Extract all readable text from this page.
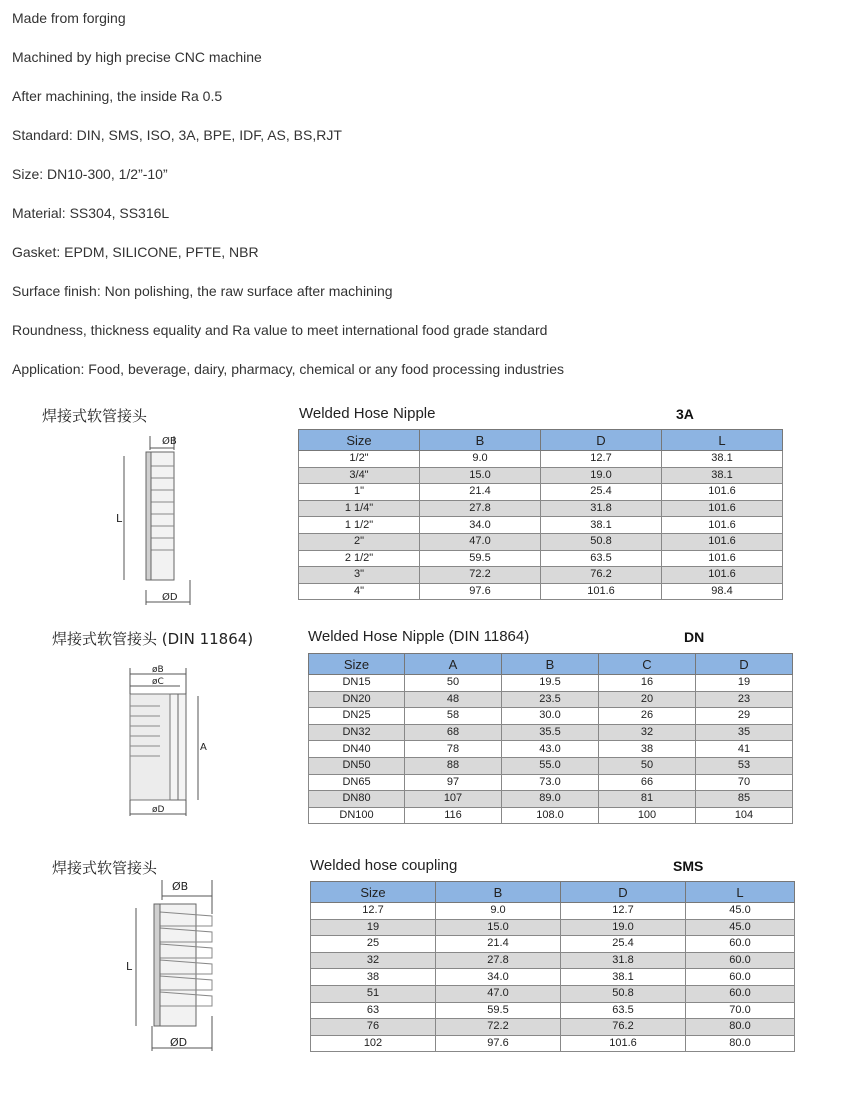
Made from forging
Machined by high precise CNC machine
After machining, the inside Ra 0.5
Standard: DIN, SMS, ISO, 3A, BPE, IDF, AS, BS,RJT
Size: DN10-300, 1/2”-10”
Material: SS304, SS316L
Gasket: EPDM, SILICONE, PFTE, NBR
Surface finish: Non polishing, the raw surface after machining
Roundness, thickness equality and Ra value to meet international food grade standard
Application: Food, beverage, dairy, pharmacy, chemical or any food processing industries
焊接式软管接头	Welded Hose Nipple	3A
ØB
L
ØD
Size	B	D	L
1/2"	9.0	12.7	38.1
3/4"	15.0	19.0	38.1
1"	21.4	25.4	101.6
1 1/4"	27.8	31.8	101.6
1 1/2"	34.0	38.1	101.6
2"	47.0	50.8	101.6
2 1/2"	59.5	63.5	101.6
3"	72.2	76.2	101.6
4"	97.6	101.6	98.4
焊接式软管接头 (DIN 11864)	Welded Hose Nipple (DIN 11864)	DN
øB
øC
A
øD
Size	A	B	C	D
DN15	50	19.5	16	19
DN20	48	23.5	20	23
DN25	58	30.0	26	29
DN32	68	35.5	32	35
DN40	78	43.0	38	41
DN50	88	55.0	50	53
DN65	97	73.0	66	70
DN80	107	89.0	81	85
DN100	116	108.0	100	104
焊接式软管接头	Welded hose coupling	SMS
ØB
L
ØD
Size	B	D	L
12.7	9.0	12.7	45.0
19	15.0	19.0	45.0
25	21.4	25.4	60.0
32	27.8	31.8	60.0
38	34.0	38.1	60.0
51	47.0	50.8	60.0
63	59.5	63.5	70.0
76	72.2	76.2	80.0
102	97.6	101.6	80.0
